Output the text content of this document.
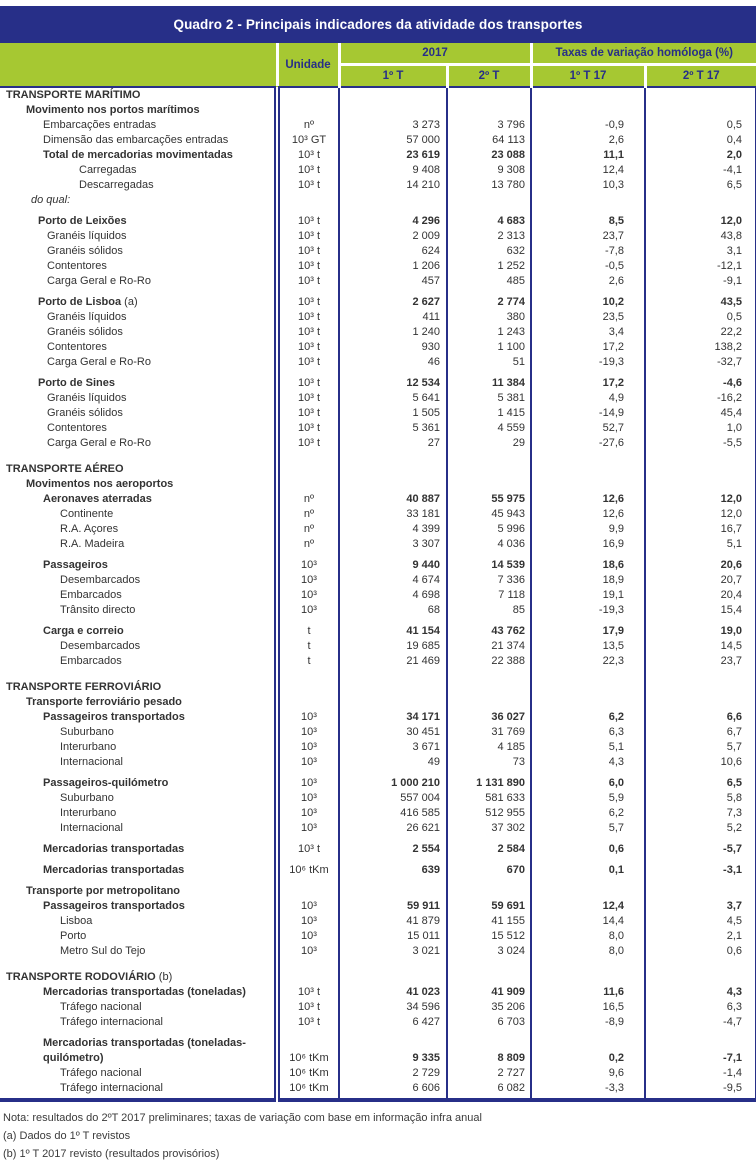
Quadro 2 - Principais indicadores da atividade dos transportes
	Unidade	2017		Taxas de variação homóloga (%)	
		1º T	2º T	1º T 17	2º T 17
TRANSPORTE MARÍTIMO					
Movimento nos portos marítimos					
Embarcações entradas	nº	3 273	3 796	-0,9	0,5
Dimensão das embarcações entradas	10³ GT	57 000	64 113	2,6	0,4
Total de mercadorias movimentadas	10³ t	23 619	23 088	11,1	2,0
Carregadas	10³ t	9 408	9 308	12,4	-4,1
Descarregadas	10³ t	14 210	13 780	10,3	6,5
do qual:					
Porto de Leixões	10³ t	4 296	4 683	8,5	12,0
Granéis líquidos	10³ t	2 009	2 313	23,7	43,8
Granéis sólidos	10³ t	624	632	-7,8	3,1
Contentores	10³ t	1 206	1 252	-0,5	-12,1
Carga Geral e Ro-Ro	10³ t	457	485	2,6	-9,1
Porto de Lisboa (a)	10³ t	2 627	2 774	10,2	43,5
Granéis líquidos	10³ t	411	380	23,5	0,5
Granéis sólidos	10³ t	1 240	1 243	3,4	22,2
Contentores	10³ t	930	1 100	17,2	138,2
Carga Geral e Ro-Ro	10³ t	46	51	-19,3	-32,7
Porto de Sines	10³ t	12 534	11 384	17,2	-4,6
Granéis líquidos	10³ t	5 641	5 381	4,9	-16,2
Granéis sólidos	10³ t	1 505	1 415	-14,9	45,4
Contentores	10³ t	5 361	4 559	52,7	1,0
Carga Geral e Ro-Ro	10³ t	27	29	-27,6	-5,5
TRANSPORTE AÉREO					
Movimentos nos aeroportos					
Aeronaves aterradas	nº	40 887	55 975	12,6	12,0
Continente	nº	33 181	45 943	12,6	12,0
R.A. Açores	nº	4 399	5 996	9,9	16,7
R.A. Madeira	nº	3 307	4 036	16,9	5,1
Passageiros	10³	9 440	14 539	18,6	20,6
Desembarcados	10³	4 674	7 336	18,9	20,7
Embarcados	10³	4 698	7 118	19,1	20,4
Trânsito directo	10³	68	85	-19,3	15,4
Carga e correio	t	41 154	43 762	17,9	19,0
Desembarcados	t	19 685	21 374	13,5	14,5
Embarcados	t	21 469	22 388	22,3	23,7
TRANSPORTE FERROVIÁRIO					
Transporte ferroviário pesado					
Passageiros transportados	10³	34 171	36 027	6,2	6,6
Suburbano	10³	30 451	31 769	6,3	6,7
Interurbano	10³	3 671	4 185	5,1	5,7
Internacional	10³	49	73	4,3	10,6
Passageiros-quilómetro	10³	1 000 210	1 131 890	6,0	6,5
Suburbano	10³	557 004	581 633	5,9	5,8
Interurbano	10³	416 585	512 955	6,2	7,3
Internacional	10³	26 621	37 302	5,7	5,2
Mercadorias transportadas	10³ t	2 554	2 584	0,6	-5,7
Mercadorias transportadas	10⁶ tKm	639	670	0,1	-3,1
Transporte por metropolitano					
Passageiros transportados	10³	59 911	59 691	12,4	3,7
Lisboa	10³	41 879	41 155	14,4	4,5
Porto	10³	15 011	15 512	8,0	2,1
Metro Sul do Tejo	10³	3 021	3 024	8,0	0,6
TRANSPORTE RODOVIÁRIO (b)					
Mercadorias transportadas (toneladas)	10³ t	41 023	41 909	11,6	4,3
Tráfego nacional	10³ t	34 596	35 206	16,5	6,3
Tráfego internacional	10³ t	6 427	6 703	-8,9	-4,7
Mercadorias transportadas (toneladas-quilómetro)	10⁶ tKm	9 335	8 809	0,2	-7,1
Tráfego nacional	10⁶ tKm	2 729	2 727	9,6	-1,4
Tráfego internacional	10⁶ tKm	6 606	6 082	-3,3	-9,5
Nota: resultados do 2ºT 2017 preliminares; taxas de variação com base em informação infra anual
(a) Dados do 1º T revistos
(b) 1º T 2017 revisto (resultados provisórios)
